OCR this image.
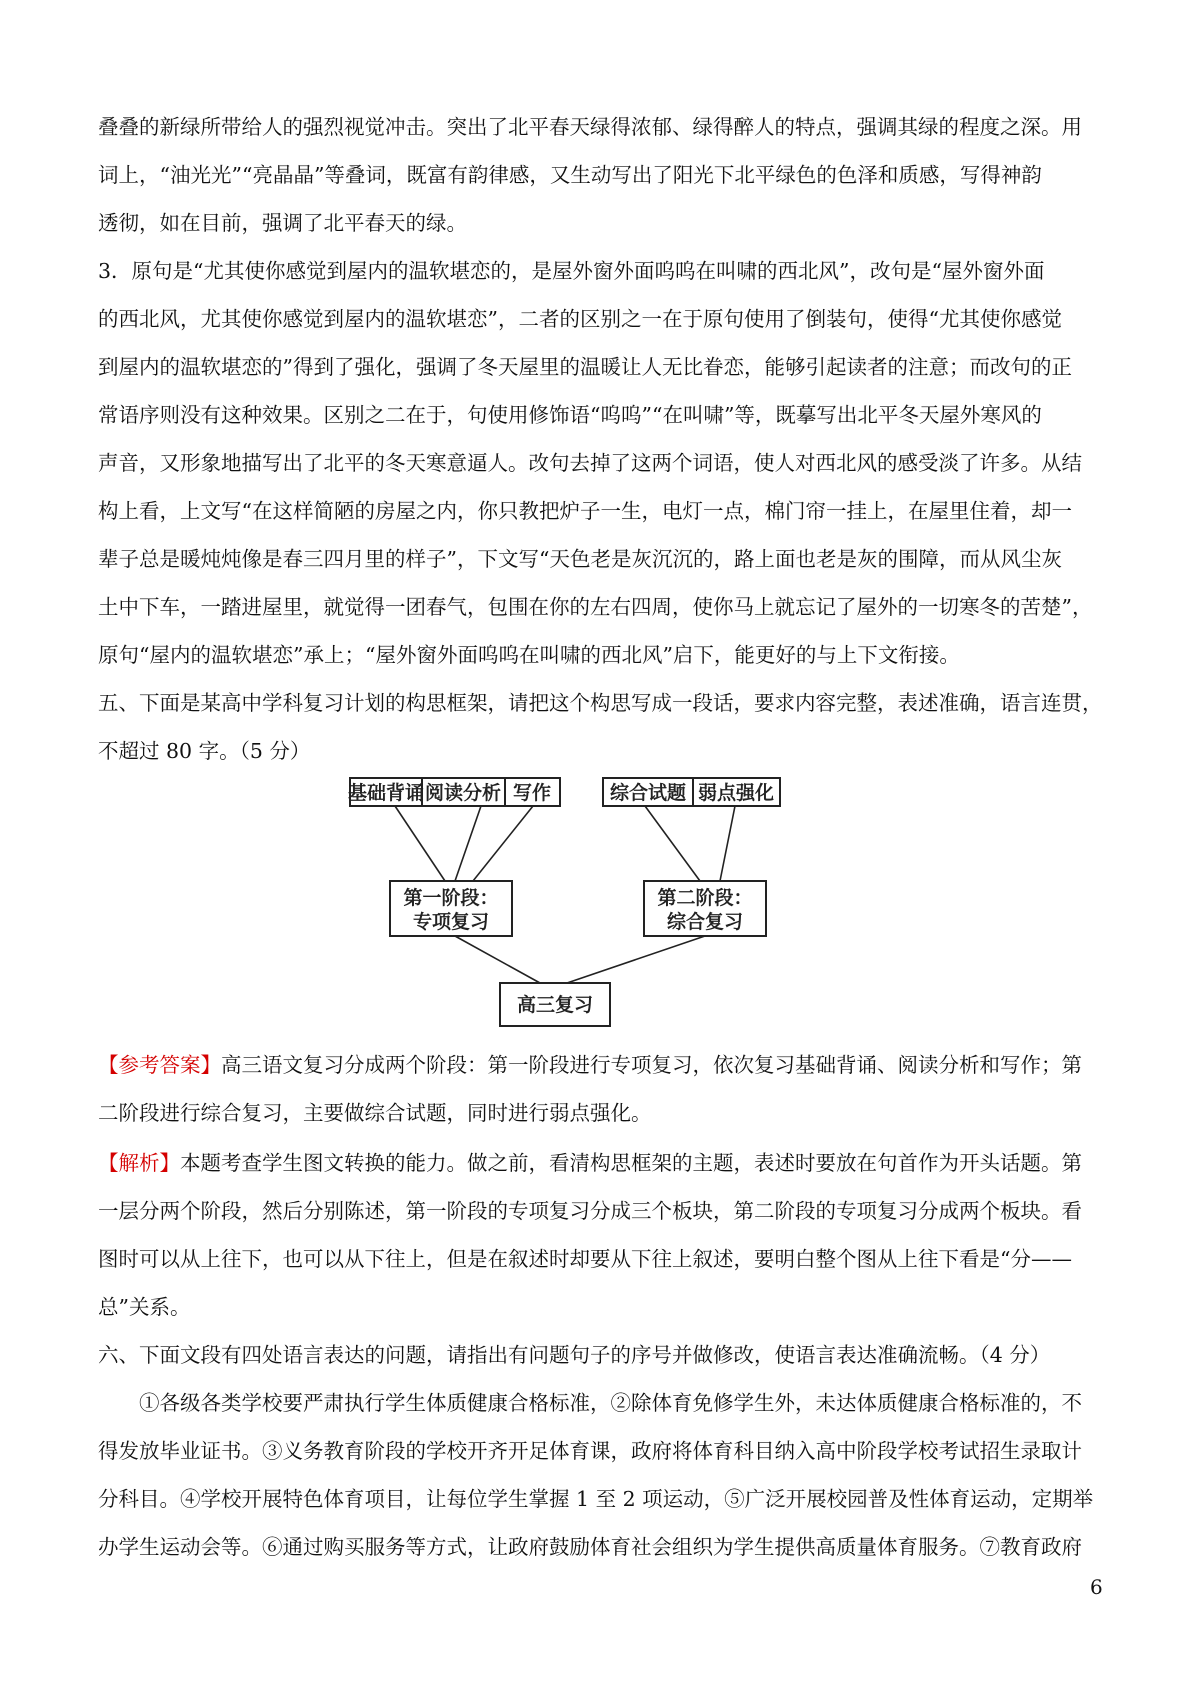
叠叠的新绿所带给人的强烈视觉冲击。突出了北平春天绿得浓郁、绿得醉人的特点，强调其绿的程度之深。用
词上，“油光光”“亮晶晶”等叠词，既富有韵律感，又生动写出了阳光下北平绿色的色泽和质感，写得神韵
透彻，如在目前，强调了北平春天的绿。
3．原句是“尤其使你感觉到屋内的温软堪恋的，是屋外窗外面呜呜在叫啸的西北风”，改句是“屋外窗外面
的西北风，尤其使你感觉到屋内的温软堪恋”，二者的区别之一在于原句使用了倒装句，使得“尤其使你感觉
到屋内的温软堪恋的”得到了强化，强调了冬天屋里的温暖让人无比眷恋，能够引起读者的注意；而改句的正
常语序则没有这种效果。区别之二在于，句使用修饰语“呜呜”“在叫啸”等，既摹写出北平冬天屋外寒风的
声音，又形象地描写出了北平的冬天寒意逼人。改句去掉了这两个词语，使人对西北风的感受淡了许多。从结
构上看，上文写“在这样简陋的房屋之内，你只教把炉子一生，电灯一点，棉门帘一挂上，在屋里住着，却一
辈子总是暖炖炖像是春三四月里的样子”，下文写“天色老是灰沉沉的，路上面也老是灰的围障，而从风尘灰
土中下车，一踏进屋里，就觉得一团春气，包围在你的左右四周，使你马上就忘记了屋外的一切寒冬的苦楚”，
原句“屋内的温软堪恋”承上；“屋外窗外面呜呜在叫啸的西北风”启下，能更好的与上下文衔接。
五、下面是某高中学科复习计划的构思框架，请把这个构思写成一段话，要求内容完整，表述准确，语言连贯，
不超过 80 字。（5 分）
基础背诵 阅读分析 写作	综合试题 弱点强化
第一阶段：
专项复习
第二阶段：
综合复习
高三复习
【参考答案】高三语文复习分成两个阶段：第一阶段进行专项复习，依次复习基础背诵、阅读分析和写作；第
二阶段进行综合复习，主要做综合试题，同时进行弱点强化。
【解析】本题考查学生图文转换的能力。做之前，看清构思框架的主题，表述时要放在句首作为开头话题。第
一层分两个阶段，然后分别陈述，第一阶段的专项复习分成三个板块，第二阶段的专项复习分成两个板块。看
图时可以从上往下，也可以从下往上，但是在叙述时却要从下往上叙述，要明白整个图从上往下看是“分——
总”关系。
六、下面文段有四处语言表达的问题，请指出有问题句子的序号并做修改，使语言表达准确流畅。（4 分）
　　①各级各类学校要严肃执行学生体质健康合格标准，②除体育免修学生外，未达体质健康合格标准的，不
得发放毕业证书。③义务教育阶段的学校开齐开足体育课，政府将体育科目纳入高中阶段学校考试招生录取计
分科目。④学校开展特色体育项目，让每位学生掌握 1 至 2 项运动，⑤广泛开展校园普及性体育运动，定期举
办学生运动会等。⑥通过购买服务等方式，让政府鼓励体育社会组织为学生提供高质量体育服务。⑦教育政府
6
